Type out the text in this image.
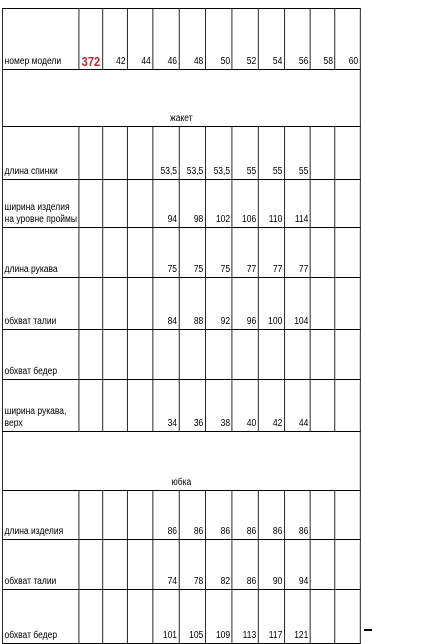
номер модели	372	42	44	46	48	50	52	54	56	58	60
жакет											
длина спинки				53,5	53,5	53,5	55	55	55		
ширина изделия на уровне проймы				94	98	102	106	110	114		
длина рукава				75	75	75	77	77	77		
обхват талии				84	88	92	96	100	104		
обхват бедер											
ширина рукава, верх				34	36	38	40	42	44		
юбка											
длина изделия				86	86	86	86	86	86		
обхват талии				74	78	82	86	90	94		
обхват бедер				101	105	109	113	117	121		
